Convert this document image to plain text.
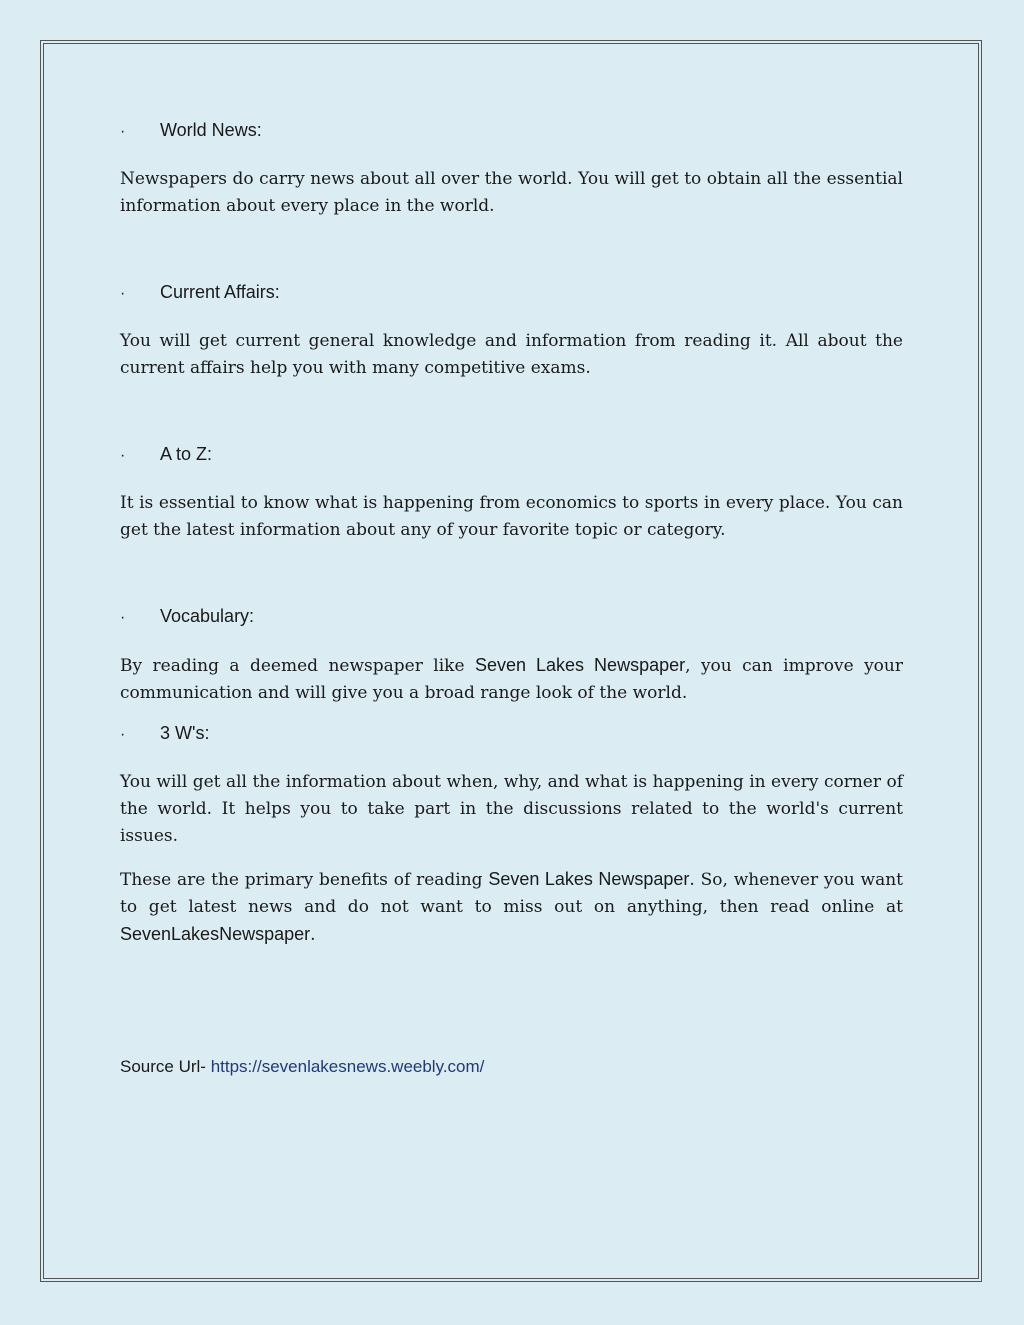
·	World News:

Newspapers do carry news about all over the world. You will get to obtain all the essential information about every place in the world.

·	Current Affairs:

You will get current general knowledge and information from reading it. All about the current affairs help you with many competitive exams.

·	A to Z:

It is essential to know what is happening from economics to sports in every place. You can get the latest information about any of your favorite topic or category.

·	Vocabulary:

By reading a deemed newspaper like Seven Lakes Newspaper, you can improve your communication and will give you a broad range look of the world.

·	3 W's:

You will get all the information about when, why, and what is happening in every corner of the world. It helps you to take part in the discussions related to the world's current issues.

These are the primary benefits of reading Seven Lakes Newspaper. So, whenever you want to get latest news and do not want to miss out on anything, then read online at SevenLakesNewspaper.

Source Url- https://sevenlakesnews.weebly.com/
